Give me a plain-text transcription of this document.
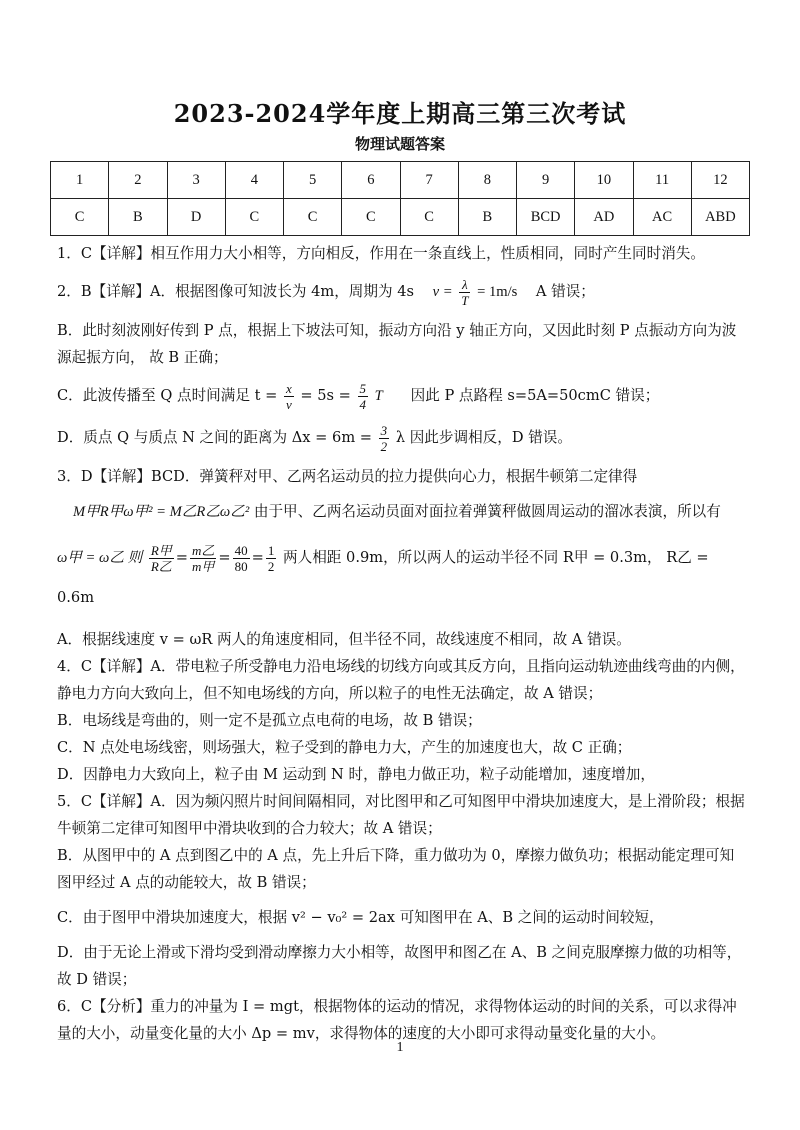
2023-2024学年度上期高三第三次考试
物理试题答案
1	2	3	4	5	6	7	8	9	10	11	12
C	B	D	C	C	C	C	B	BCD	AD	AC	ABD

1．C【详解】相互作用力大小相等，方向相反，作用在一条直线上，性质相同，同时产生同时消失。

2．B【详解】A．根据图像可知波长为 4m，周期为 4s $v = \frac{\lambda}{T} = 1m/s$ A 错误；

B．此时刻波刚好传到 P 点，根据上下坡法可知，振动方向沿 y 轴正方向，又因此时刻 P 点振动方向为波源起振方向， 故 B 正确；

C．此波传播至 Q 点时间满足 $t = \frac{x}{v} = 5s = \frac{5}{4}$ T 因此 P 点路程 s=5A=50cmC 错误；

D．质点 Q 与质点 N 之间的距离为 $\Delta x = 6m = \frac{3}{2}$ λ 因此步调相反，D 错误。

3．D【详解】BCD．弹簧秤对甲、乙两名运动员的拉力提供向心力，根据牛顿第二定律得

M甲R甲ω甲² = M乙R乙ω乙² 由于甲、乙两名运动员面对面拉着弹簧秤做圆周运动的溜冰表演，所以有

ω甲 = ω乙 则 $\frac{\text{R甲}}{\text{R乙}} = \frac{\text{m乙}}{\text{m甲}} = \frac{40}{80} = \frac{1}{2}$ 两人相距 0.9m，所以两人的运动半径不同 R甲 = 0.3m， R乙 = 0.6m

A．根据线速度 v = ωR 两人的角速度相同，但半径不同，故线速度不相同，故 A 错误。

4．C【详解】A．带电粒子所受静电力沿电场线的切线方向或其反方向，且指向运动轨迹曲线弯曲的内侧，静电力方向大致向上，但不知电场线的方向，所以粒子的电性无法确定，故 A 错误；

B．电场线是弯曲的，则一定不是孤立点电荷的电场，故 B 错误；

C．N 点处电场线密，则场强大，粒子受到的静电力大，产生的加速度也大，故 C 正确；

D．因静电力大致向上，粒子由 M 运动到 N 时，静电力做正功，粒子动能增加，速度增加，

5．C【详解】A．因为频闪照片时间间隔相同，对比图甲和乙可知图甲中滑块加速度大，是上滑阶段；根据牛顿第二定律可知图甲中滑块收到的合力较大；故 A 错误；

B．从图甲中的 A 点到图乙中的 A 点，先上升后下降，重力做功为 0，摩擦力做负功；根据动能定理可知图甲经过 A 点的动能较大，故 B 错误；

C．由于图甲中滑块加速度大，根据 v² − v₀² = 2ax 可知图甲在 A、B 之间的运动时间较短，

D．由于无论上滑或下滑均受到滑动摩擦力大小相等，故图甲和图乙在 A、B 之间克服摩擦力做的功相等，故 D 错误；

6．C【分析】重力的冲量为 I = mgt，根据物体的运动的情况，求得物体运动的时间的关系，可以求得冲量的大小，动量变化量的大小 Δp = mv，求得物体的速度的大小即可求得动量变化量的大小。

1
